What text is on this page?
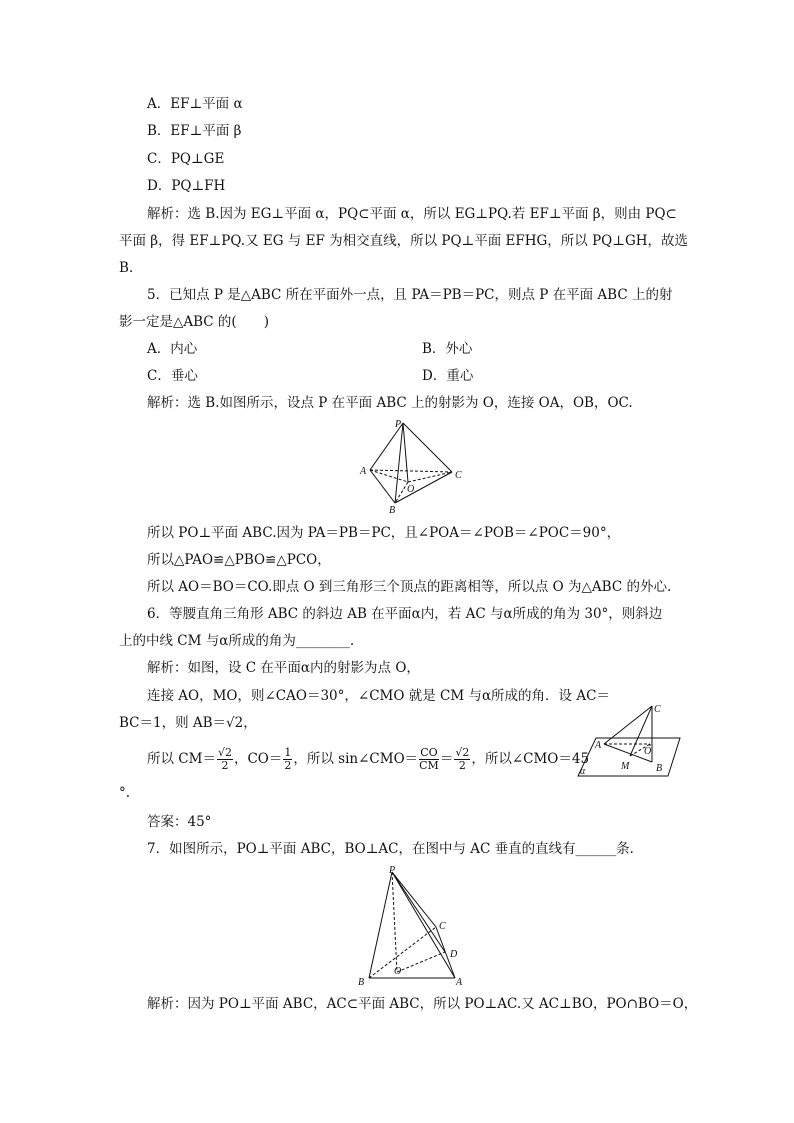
A．EF⊥平面 α
B．EF⊥平面 β
C．PQ⊥GE
D．PQ⊥FH
解析：选 B.因为 EG⊥平面 α，PQ⊂平面 α，所以 EG⊥PQ.若 EF⊥平面 β，则由 PQ⊂
平面 β，得 EF⊥PQ.又 EG 与 EF 为相交直线，所以 PQ⊥平面 EFHG，所以 PQ⊥GH，故选
B.
5．已知点 P 是△ABC 所在平面外一点，且 PA＝PB＝PC，则点 P 在平面 ABC 上的射
影一定是△ABC 的(　　)
A．内心	B．外心
C．垂心	D．重心
解析：选 B.如图所示，设点 P 在平面 ABC 上的射影为 O，连接 OA，OB，OC.
P
A	C
O
B
所以 PO⊥平面 ABC.因为 PA＝PB＝PC，且∠POA＝∠POB＝∠POC＝90°，
所以△PAO≌△PBO≌△PCO，
所以 AO＝BO＝CO.即点 O 到三角形三个顶点的距离相等，所以点 O 为△ABC 的外心.
6．等腰直角三角形 ABC 的斜边 AB 在平面α内，若 AC 与α所成的角为 30°，则斜边
上的中线 CM 与α所成的角为________.
解析：如图，设 C 在平面α内的射影为点 O，
连接 AO，MO，则∠CAO＝30°，∠CMO 就是 CM 与α所成的角．设 AC＝
BC＝1，则 AB＝√2，
所以 $CM= \frac{√2}{2}$ ，$CO= \frac{1}{2}$ ，所以 sin∠CMO＝ $\frac{CO}{CM} = \frac{√2}{2}$ ，所以∠CMO＝45
°.
C
A
O
M	B
α
答案：45°
7．如图所示，PO⊥平面 ABC，BO⊥AC，在图中与 AC 垂直的直线有______条．
P
C
D
O
B	A
解析：因为 PO⊥平面 ABC，AC⊂平面 ABC，所以 PO⊥AC.又 AC⊥BO，PO∩BO＝O，
